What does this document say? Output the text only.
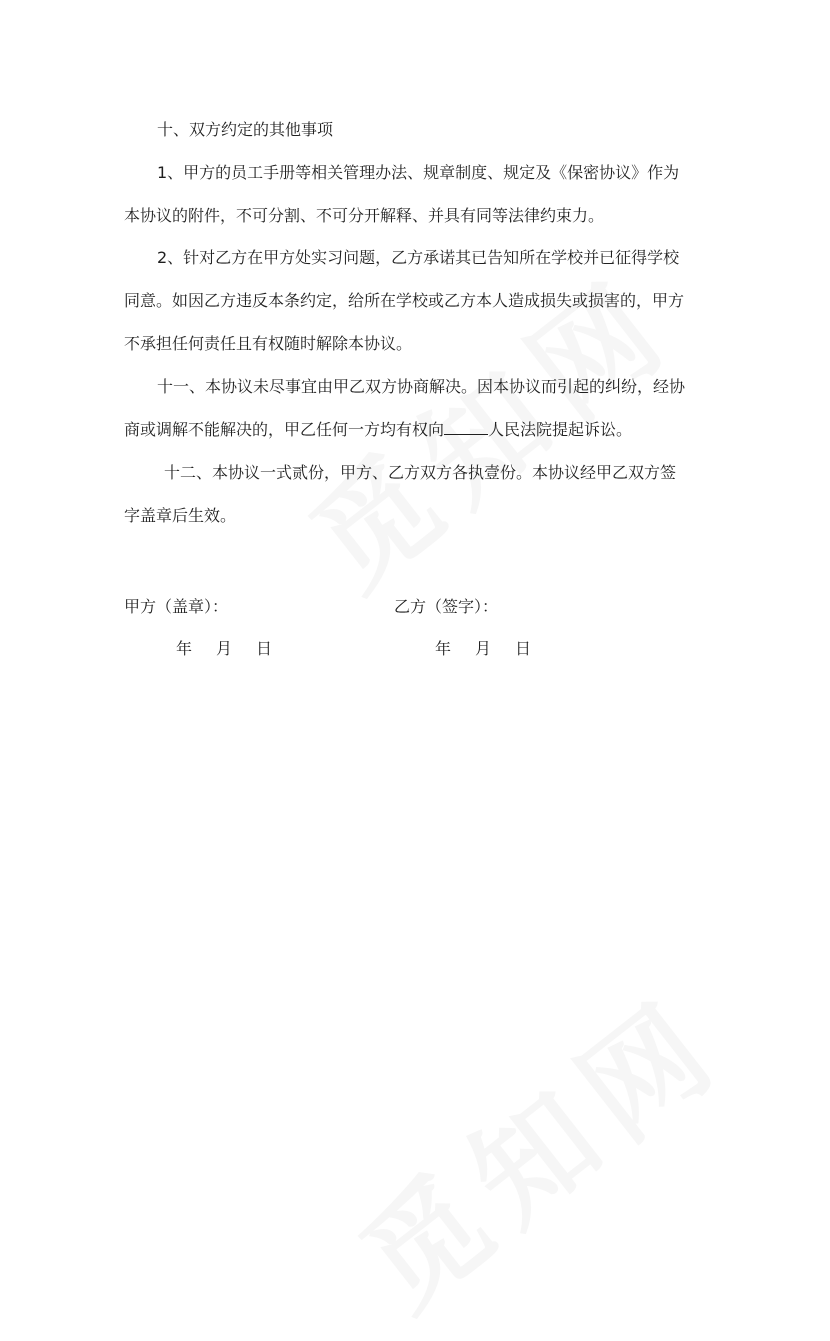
十、双方约定的其他事项
1、甲方的员工手册等相关管理办法、规章制度、规定及《保密协议》作为
本协议的附件，不可分割、不可分开解释、并具有同等法律约束力。
2、针对乙方在甲方处实习问题，乙方承诺其已告知所在学校并已征得学校
同意。如因乙方违反本条约定，给所在学校或乙方本人造成损失或损害的，甲方
不承担任何责任且有权随时解除本协议。
十一、本协议未尽事宜由甲乙双方协商解决。因本协议而引起的纠纷，经协
商或调解不能解决的，甲乙任何一方均有权向	人民法院提起诉讼。
十二、本协议一式贰份，甲方、乙方双方各执壹份。本协议经甲乙双方签
字盖章后生效。
甲方（盖章）：	乙方（签字）：
年 月 日	年 月 日
